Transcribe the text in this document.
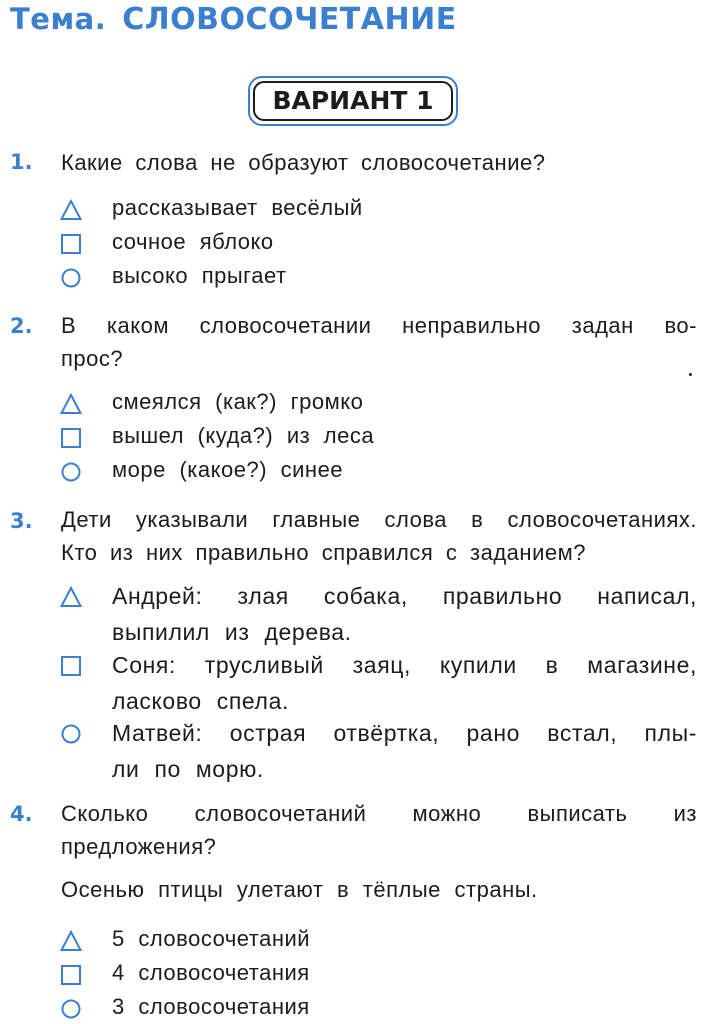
Тема. СЛОВОСОЧЕТАНИЕ
ВАРИАНТ 1
1. Какие слова не образуют словосочетание?
рассказывает весёлый
сочное яблоко
высоко прыгает
2. В каком словосочетании неправильно задан во-
прос?
смеялся (как?) громко
вышел (куда?) из леса
море (какое?) синее
3. Дети указывали главные слова в словосочетаниях.
Кто из них правильно справился с заданием?
Андрей: злая собака, правильно написал,
выпилил из дерева.
Соня: трусливый заяц, купили в магазине,
ласково спела.
Матвей: острая отвёртка, рано встал, плы-
ли по морю.
4. Сколько словосочетаний можно выписать из
предложения?
Осенью птицы улетают в тёплые страны.
5 словосочетаний
4 словосочетания
3 словосочетания
